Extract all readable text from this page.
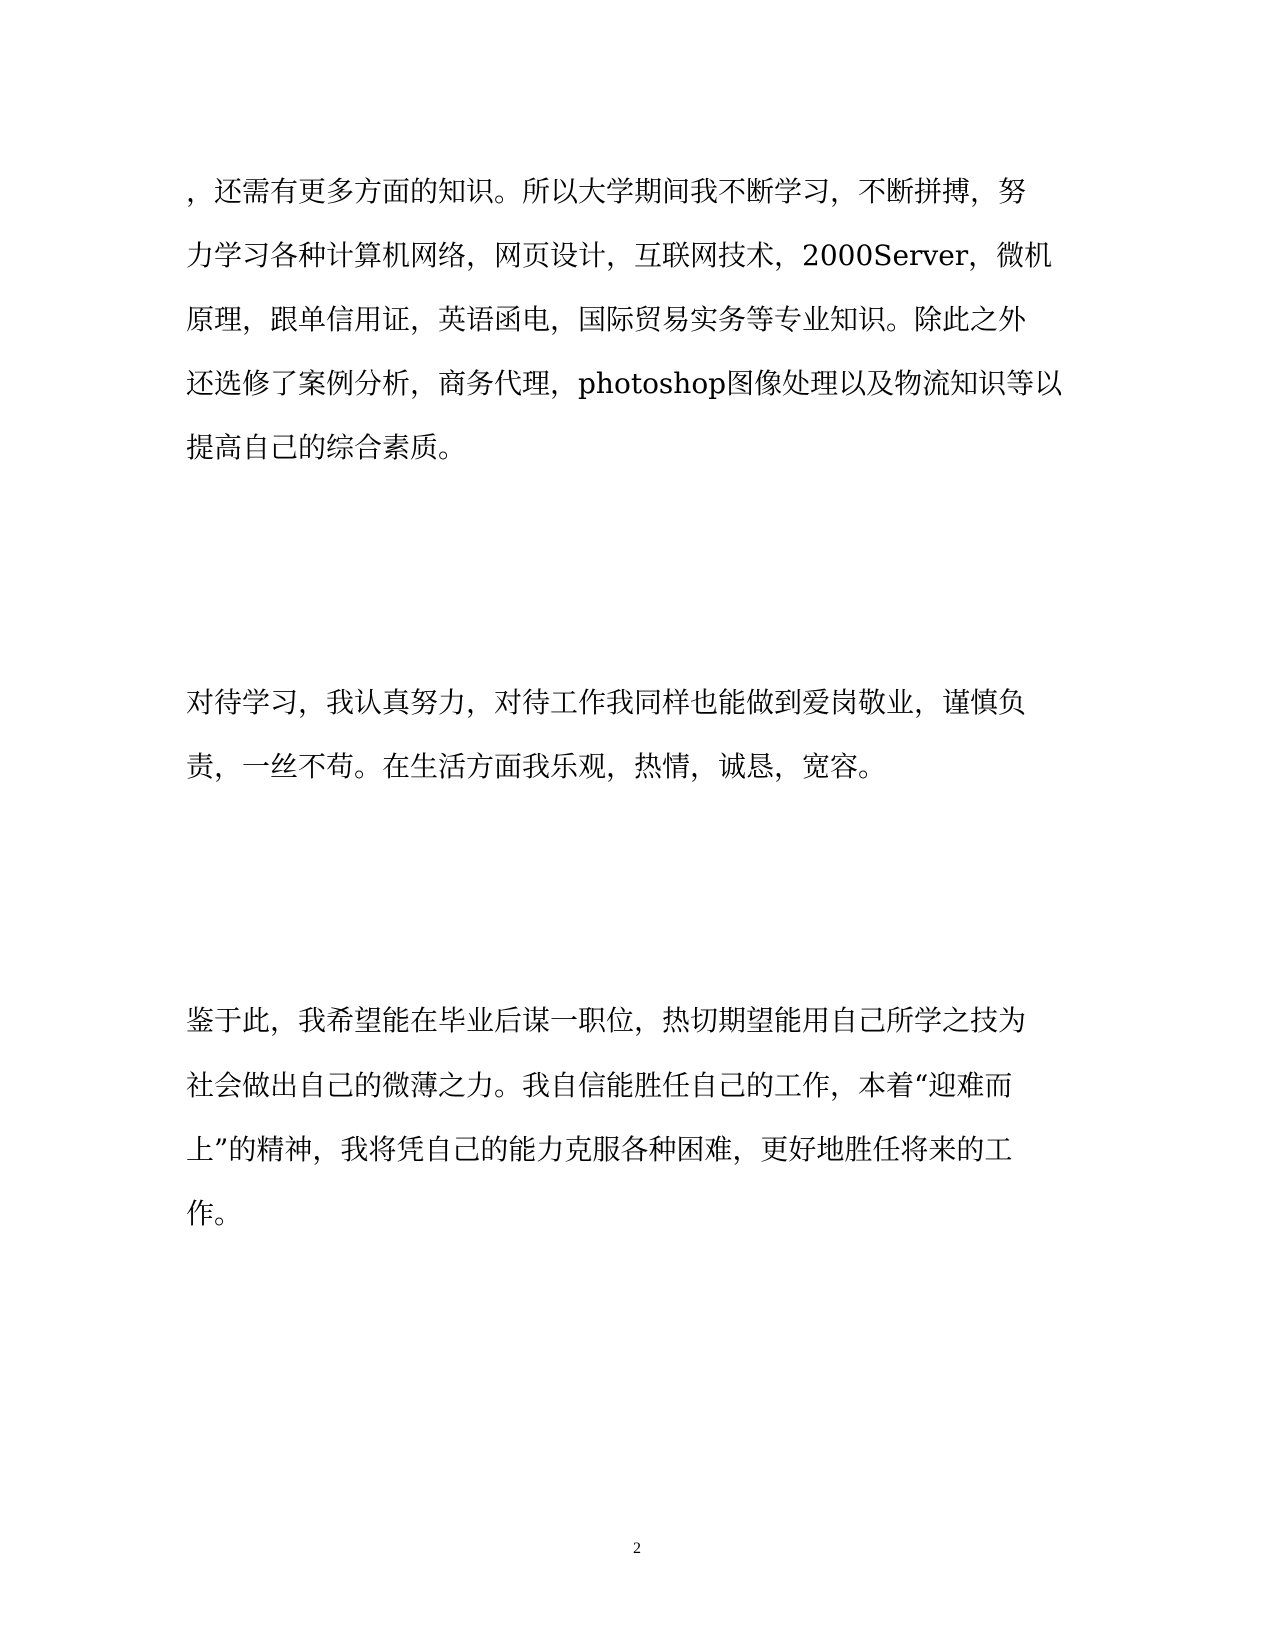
，还需有更多方面的知识。所以大学期间我不断学习，不断拼搏，努
力学习各种计算机网络，网页设计，互联网技术，2000Server，微机
原理，跟单信用证，英语函电，国际贸易实务等专业知识。除此之外
还选修了案例分析，商务代理，photoshop图像处理以及物流知识等以
提高自己的综合素质。
对待学习，我认真努力，对待工作我同样也能做到爱岗敬业，谨慎负
责，一丝不苟。在生活方面我乐观，热情，诚恳，宽容。
鉴于此，我希望能在毕业后谋一职位，热切期望能用自己所学之技为
社会做出自己的微薄之力。我自信能胜任自己的工作，本着“迎难而
上”的精神，我将凭自己的能力克服各种困难，更好地胜任将来的工
作。
2
